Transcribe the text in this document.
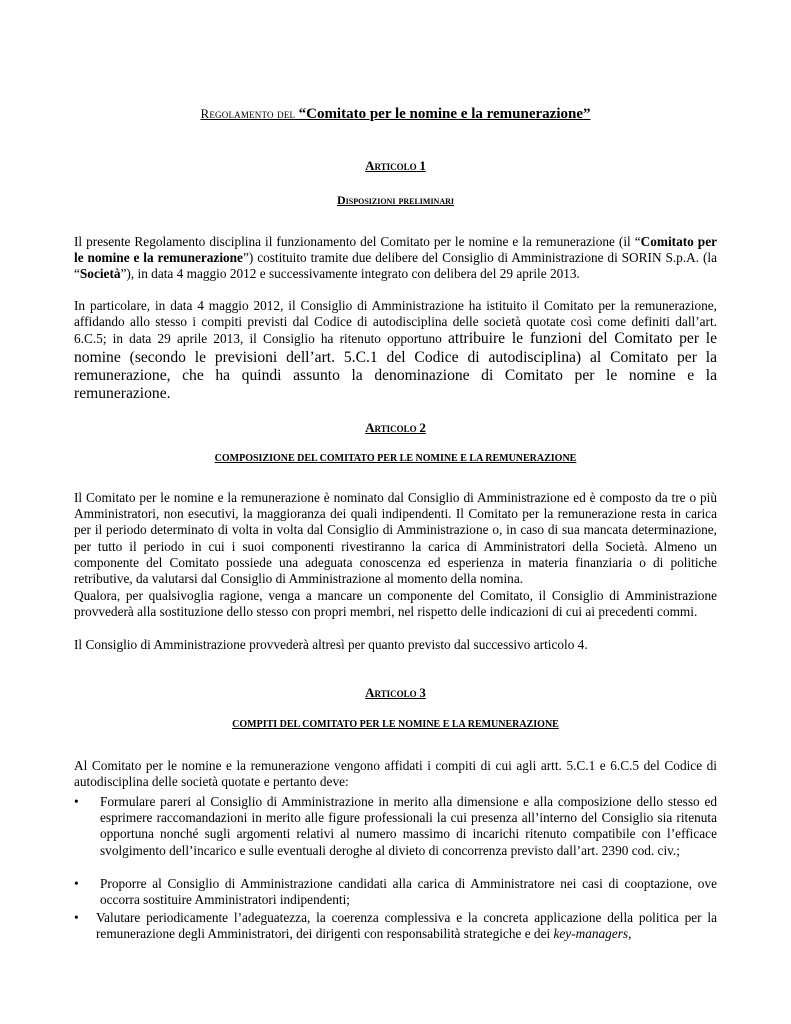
Regolamento del “Comitato per le nomine e la remunerazione”
Articolo 1
Disposizioni preliminari

Il presente Regolamento disciplina il funzionamento del Comitato per le nomine e la remunerazione (il “Comitato per le nomine e la remunerazione”) costituito tramite due delibere del Consiglio di Amministrazione di SORIN S.p.A. (la “Società”), in data 4 maggio 2012 e successivamente integrato con delibera del 29 aprile 2013.

In particolare, in data 4 maggio 2012, il Consiglio di Amministrazione ha istituito il Comitato per la remunerazione, affidando allo stesso i compiti previsti dal Codice di autodisciplina delle società quotate così come definiti dall’art. 6.C.5; in data 29 aprile 2013, il Consiglio ha ritenuto opportuno attribuire le funzioni del Comitato per le nomine (secondo le previsioni dell’art. 5.C.1 del Codice di autodisciplina) al Comitato per la remunerazione, che ha quindi assunto la denominazione di Comitato per le nomine e la remunerazione.

Articolo 2
COMPOSIZIONE DEL COMITATO PER LE NOMINE E LA REMUNERAZIONE

Il Comitato per le nomine e la remunerazione è nominato dal Consiglio di Amministrazione ed è composto da tre o più Amministratori, non esecutivi, la maggioranza dei quali indipendenti. Il Comitato per la remunerazione resta in carica per il periodo determinato di volta in volta dal Consiglio di Amministrazione o, in caso di sua mancata determinazione, per tutto il periodo in cui i suoi componenti rivestiranno la carica di Amministratori della Società. Almeno un componente del Comitato possiede una adeguata conoscenza ed esperienza in materia finanziaria o di politiche retributive, da valutarsi dal Consiglio di Amministrazione al momento della nomina.

Qualora, per qualsivoglia ragione, venga a mancare un componente del Comitato, il Consiglio di Amministrazione provvederà alla sostituzione dello stesso con propri membri, nel rispetto delle indicazioni di cui ai precedenti commi.

Il Consiglio di Amministrazione provvederà altresì per quanto previsto dal successivo articolo 4.

Articolo 3
COMPITI DEL COMITATO PER LE NOMINE E LA REMUNERAZIONE

Al Comitato per le nomine e la remunerazione vengono affidati i compiti di cui agli artt. 5.C.1 e 6.C.5 del Codice di autodisciplina delle società quotate e pertanto deve:

• Formulare pareri al Consiglio di Amministrazione in merito alla dimensione e alla composizione dello stesso ed esprimere raccomandazioni in merito alle figure professionali la cui presenza all’interno del Consiglio sia ritenuta opportuna nonché sugli argomenti relativi al numero massimo di incarichi ritenuto compatibile con l’efficace svolgimento dell’incarico e sulle eventuali deroghe al divieto di concorrenza previsto dall’art. 2390 cod. civ.;

• Proporre al Consiglio di Amministrazione candidati alla carica di Amministratore nei casi di cooptazione, ove occorra sostituire Amministratori indipendenti;

• Valutare periodicamente l’adeguatezza, la coerenza complessiva e la concreta applicazione della politica per la remunerazione degli Amministratori, dei dirigenti con responsabilità strategiche e dei key-managers,
